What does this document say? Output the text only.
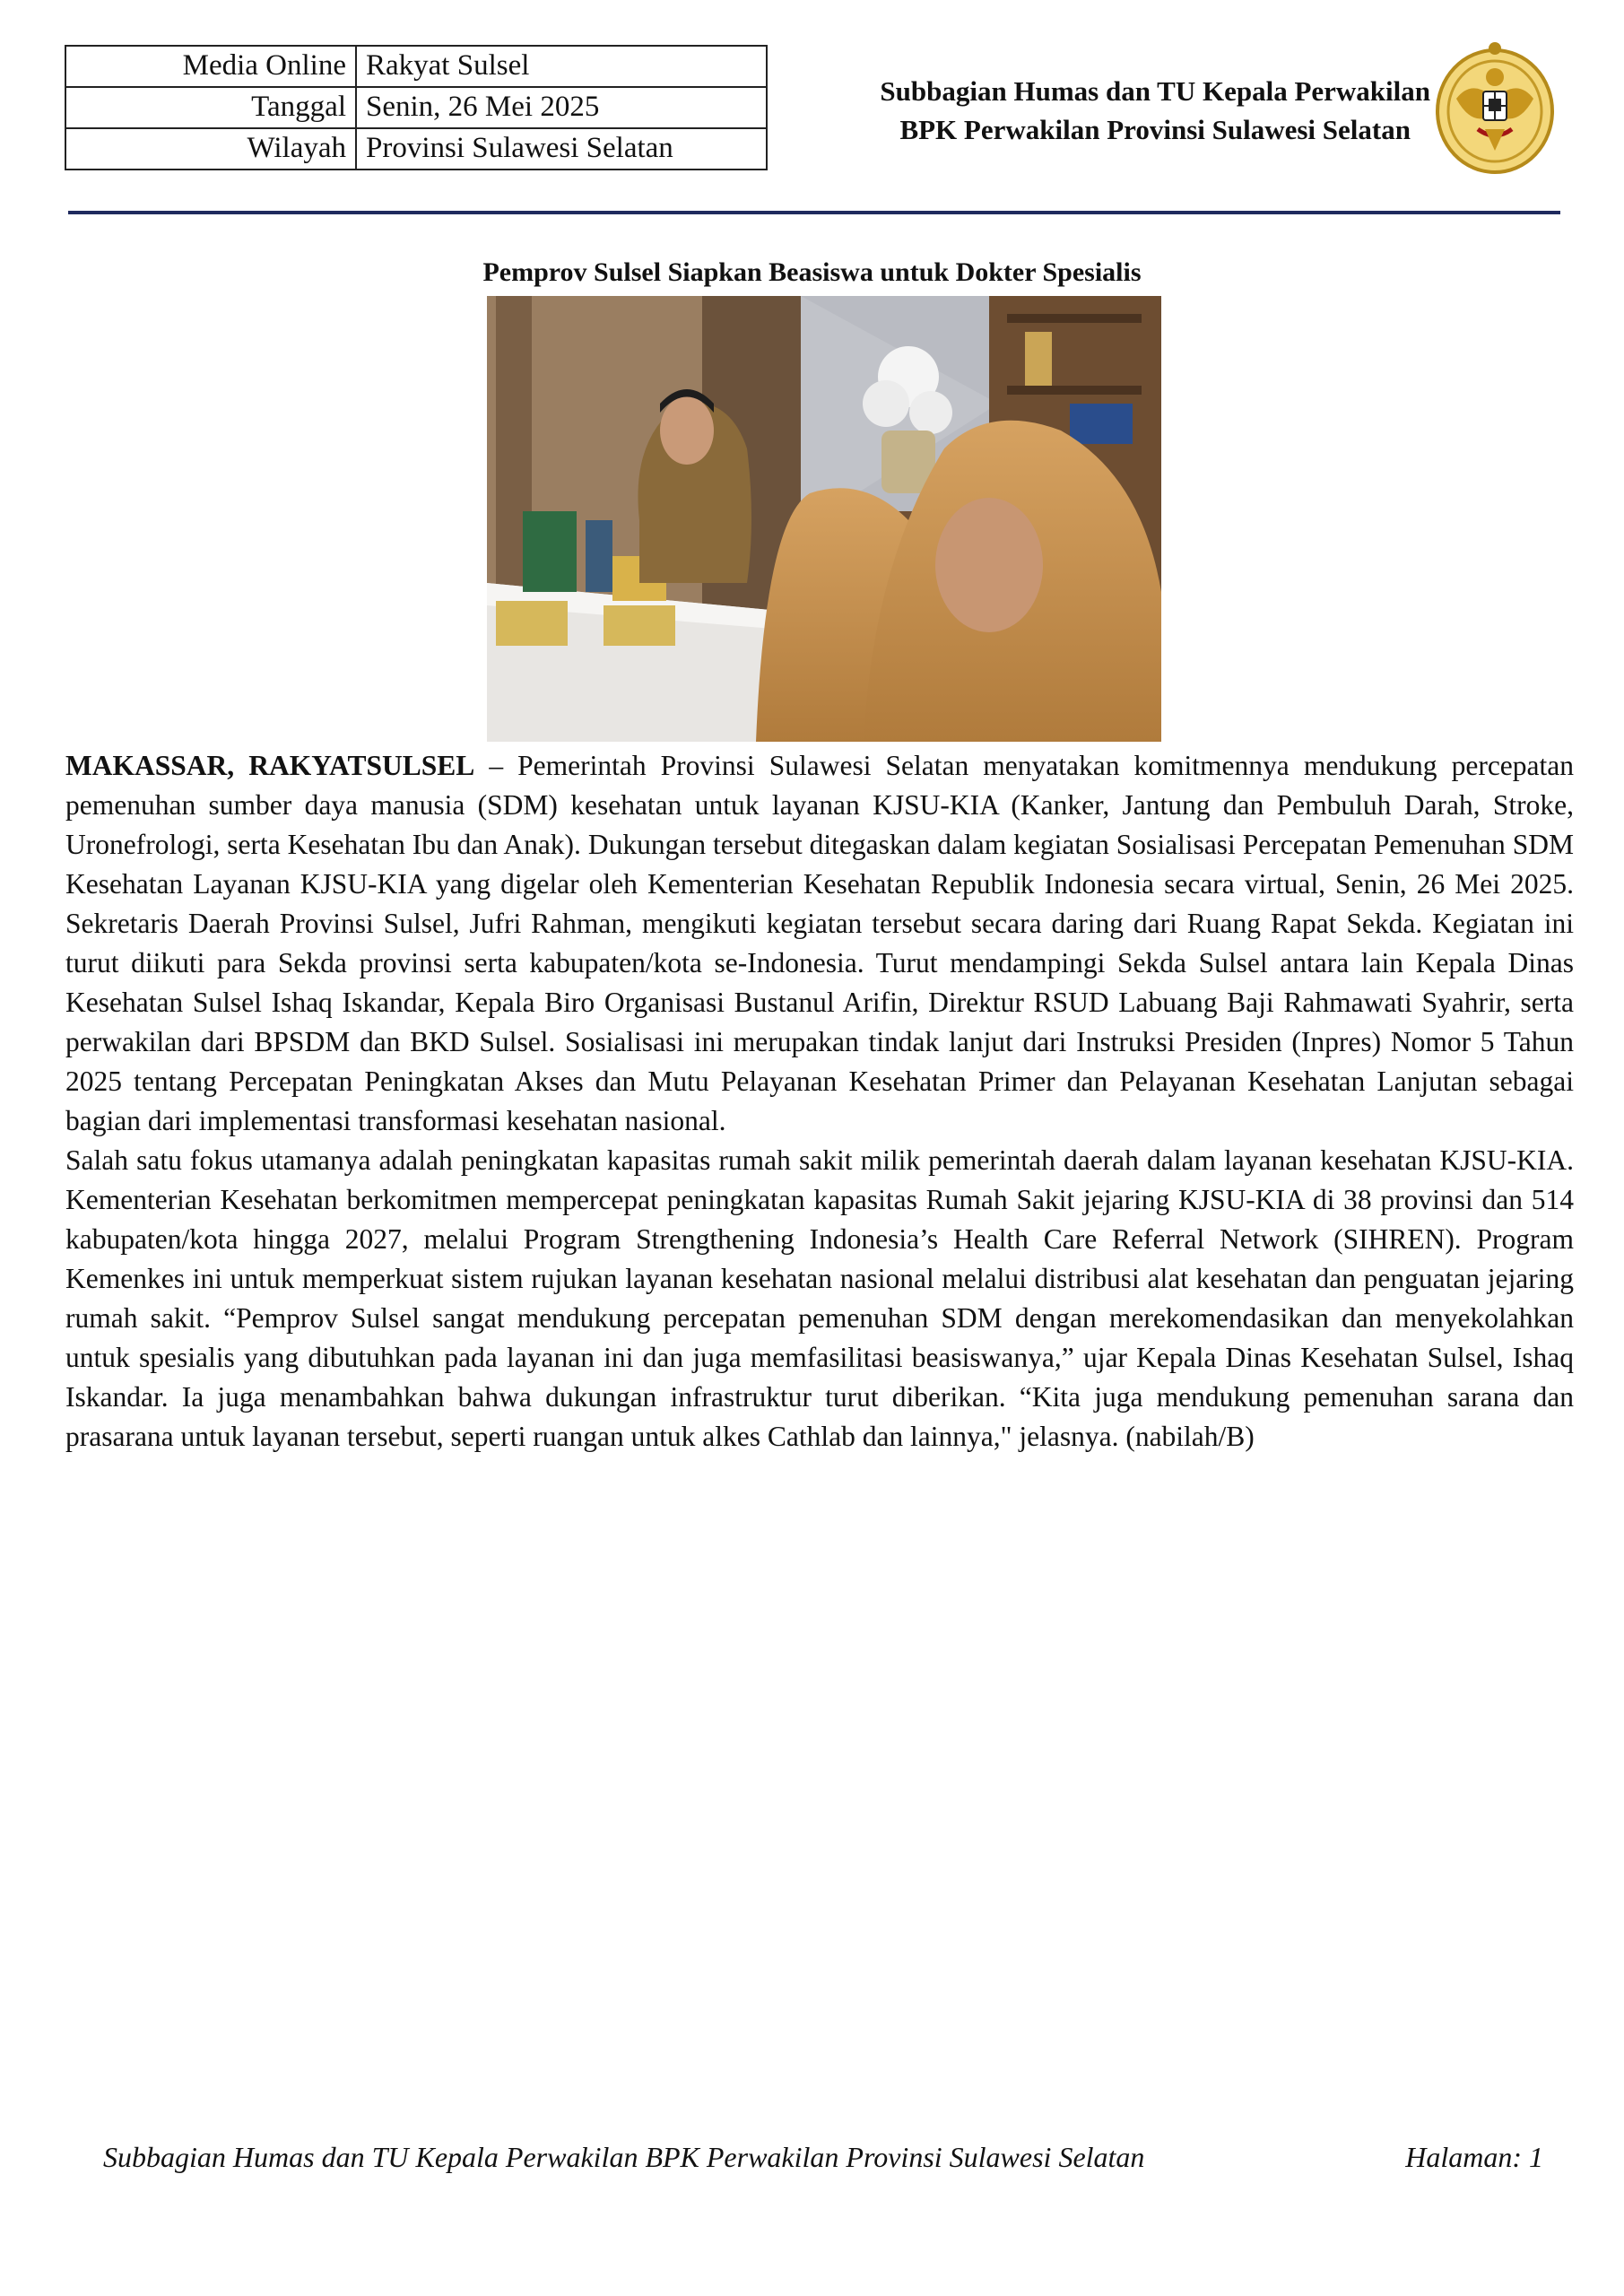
Media Online	Rakyat Sulsel
Tanggal	Senin, 26 Mei 2025
Wilayah	Provinsi Sulawesi Selatan
Subbagian Humas dan TU Kepala Perwakilan
BPK Perwakilan Provinsi Sulawesi Selatan
Pemprov Sulsel Siapkan Beasiswa untuk Dokter Spesialis

MAKASSAR, RAKYATSULSEL – Pemerintah Provinsi Sulawesi Selatan menyatakan komitmennya mendukung percepatan pemenuhan sumber daya manusia (SDM) kesehatan untuk layanan KJSU-KIA (Kanker, Jantung dan Pembuluh Darah, Stroke, Uronefrologi, serta Kesehatan Ibu dan Anak). Dukungan tersebut ditegaskan dalam kegiatan Sosialisasi Percepatan Pemenuhan SDM Kesehatan Layanan KJSU-KIA yang digelar oleh Kementerian Kesehatan Republik Indonesia secara virtual, Senin, 26 Mei 2025. Sekretaris Daerah Provinsi Sulsel, Jufri Rahman, mengikuti kegiatan tersebut secara daring dari Ruang Rapat Sekda. Kegiatan ini turut diikuti para Sekda provinsi serta kabupaten/kota se-Indonesia. Turut mendampingi Sekda Sulsel antara lain Kepala Dinas Kesehatan Sulsel Ishaq Iskandar, Kepala Biro Organisasi Bustanul Arifin, Direktur RSUD Labuang Baji Rahmawati Syahrir, serta perwakilan dari BPSDM dan BKD Sulsel. Sosialisasi ini merupakan tindak lanjut dari Instruksi Presiden (Inpres) Nomor 5 Tahun 2025 tentang Percepatan Peningkatan Akses dan Mutu Pelayanan Kesehatan Primer dan Pelayanan Kesehatan Lanjutan sebagai bagian dari implementasi transformasi kesehatan nasional.

Salah satu fokus utamanya adalah peningkatan kapasitas rumah sakit milik pemerintah daerah dalam layanan kesehatan KJSU-KIA. Kementerian Kesehatan berkomitmen mempercepat peningkatan kapasitas Rumah Sakit jejaring KJSU-KIA di 38 provinsi dan 514 kabupaten/kota hingga 2027, melalui Program Strengthening Indonesia’s Health Care Referral Network (SIHREN). Program Kemenkes ini untuk memperkuat sistem rujukan layanan kesehatan nasional melalui distribusi alat kesehatan dan penguatan jejaring rumah sakit. “Pemprov Sulsel sangat mendukung percepatan pemenuhan SDM dengan merekomendasikan dan menyekolahkan untuk spesialis yang dibutuhkan pada layanan ini dan juga memfasilitasi beasiswanya,” ujar Kepala Dinas Kesehatan Sulsel, Ishaq Iskandar. Ia juga menambahkan bahwa dukungan infrastruktur turut diberikan. “Kita juga mendukung pemenuhan sarana dan prasarana untuk layanan tersebut, seperti ruangan untuk alkes Cathlab dan lainnya," jelasnya. (nabilah/B)

Subbagian Humas dan TU Kepala Perwakilan BPK Perwakilan Provinsi Sulawesi Selatan	Halaman: 1
